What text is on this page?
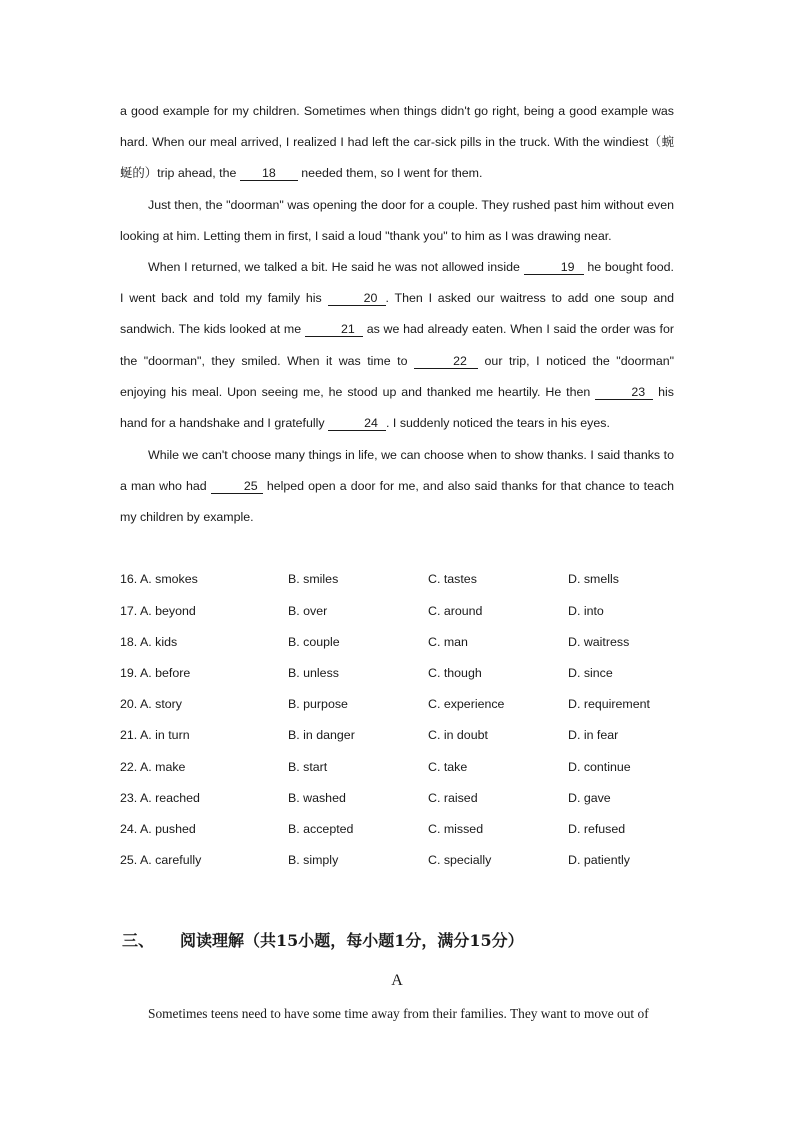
a good example for my children. Sometimes when things didn't go right, being a good example was hard. When our meal arrived, I realized I had left the car-sick pills in the truck. With the windiest（蜿蜒的）trip ahead, the 18 needed them, so I went for them.
Just then, the "doorman" was opening the door for a couple. They rushed past him without even looking at him. Letting them in first, I said a loud "thank you" to him as I was drawing near.
When I returned, we talked a bit. He said he was not allowed inside	19 he bought food. I went back and told my family his	20 . Then I asked our waitress to add one soup and sandwich. The kids looked at me	21 as we had already eaten. When I said the order was for the "doorman", they smiled. When it was time to	22 our trip, I noticed the "doorman" enjoying his meal. Upon seeing me, he stood up and thanked me heartily. He then	23 his hand for a handshake and I gratefully	24 . I suddenly noticed the tears in his eyes.
While we can't choose many things in life, we can choose when to show thanks. I said thanks to a man who had	25 helped open a door for me, and also said thanks for that chance to teach my children by example.
16. A. smokes	B. smiles	C. tastes	D. smells
17. A. beyond	B. over	C. around	D. into
18. A. kids	B. couple	C. man	D. waitress
19. A. before	B. unless	C. though	D. since
20. A. story	B. purpose	C. experience	D. requirement
21. A. in turn	B. in danger	C. in doubt	D. in fear
22. A. make	B. start	C. take	D. continue
23. A. reached	B. washed	C. raised	D. gave
24. A. pushed	B. accepted	C. missed	D. refused
25. A. carefully	B. simply	C. specially	D. patiently
三、 阅读理解（共15小题，每小题1分，满分15分）
A
Sometimes teens need to have some time away from their families. They want to move out of
